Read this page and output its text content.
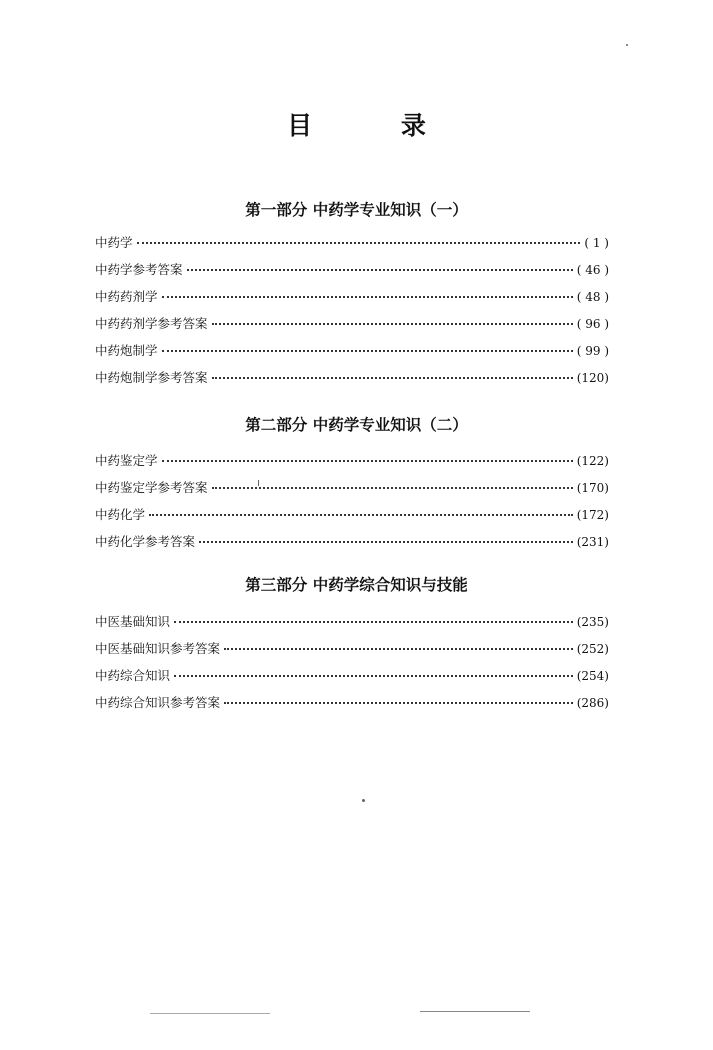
目 录
第一部分 中药学专业知识（一）
中药学	( 1 )
中药学参考答案	( 46 )
中药药剂学	( 48 )
中药药剂学参考答案	( 96 )
中药炮制学	( 99 )
中药炮制学参考答案	(120)
第二部分 中药学专业知识（二）
中药鉴定学	(122)
中药鉴定学参考答案	(170)
中药化学	(172)
中药化学参考答案	(231)
第三部分 中药学综合知识与技能
中医基础知识	(235)
中医基础知识参考答案	(252)
中药综合知识	(254)
中药综合知识参考答案	(286)
